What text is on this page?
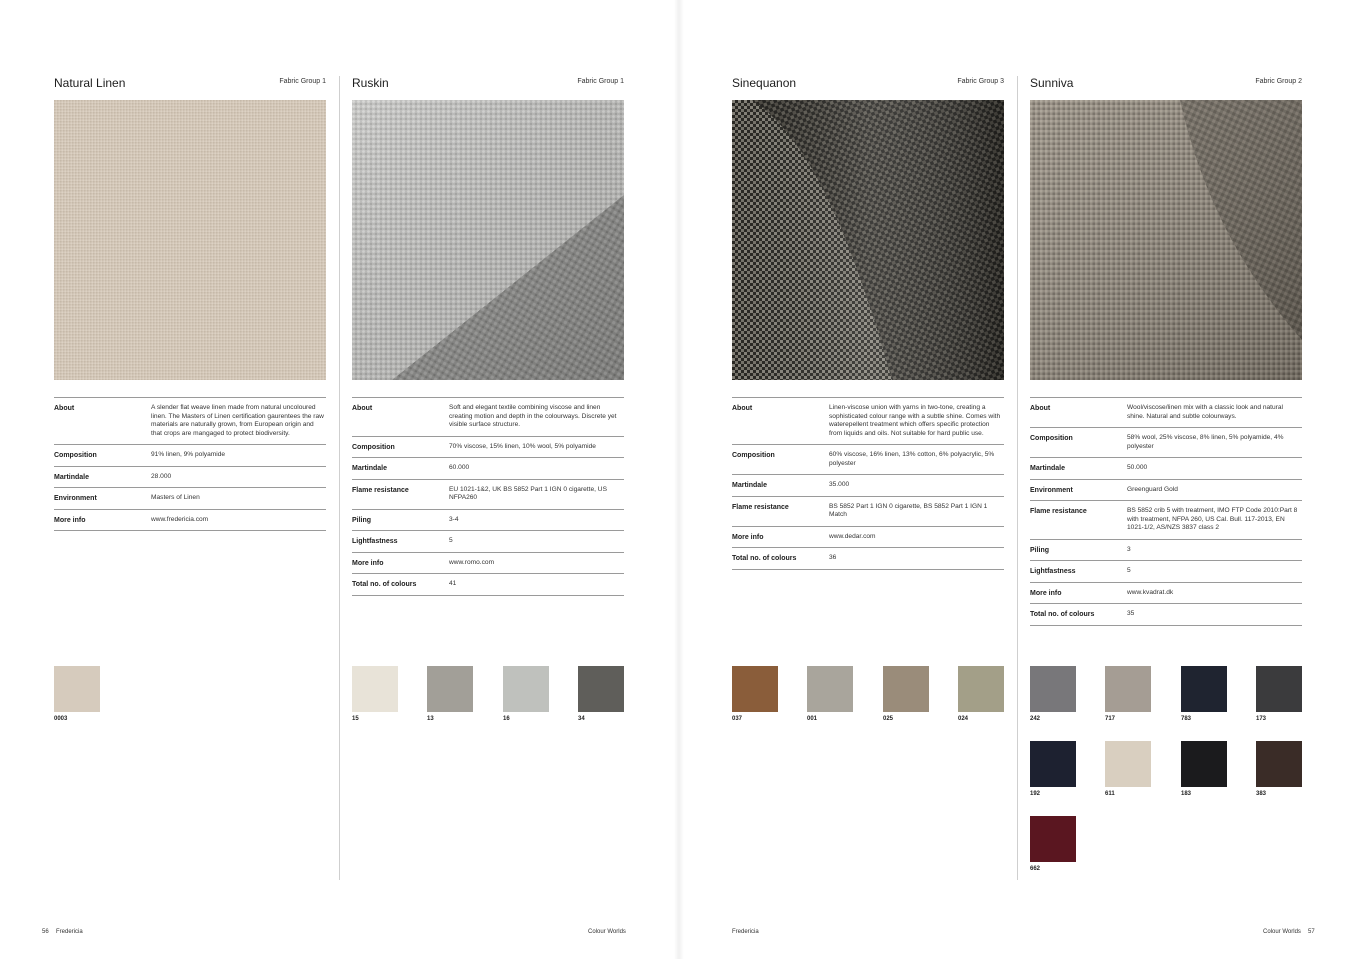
Natural Linen	Fabric Group 1
About	A slender flat weave linen made from natural uncoloured linen. The Masters of Linen certification gaurentees the raw materials are naturally grown, from European origin and that crops are mangaged to protect biodiversity.
Composition	91% linen, 9% polyamide
Martindale	28.000
Environment	Masters of Linen
More info	www.fredericia.com
0003
Ruskin	Fabric Group 1
About	Soft and elegant textile combining viscose and linen creating motion and depth in the colourways. Discrete yet visible surface structure.
Composition	70% viscose, 15% linen, 10% wool, 5% polyamide
Martindale	60.000
Flame resistance	EU 1021-1&2, UK BS 5852 Part 1 IGN 0 cigarette, US NFPA260
Piling	3-4
Lightfastness	5
More info	www.romo.com
Total no. of colours	41
15	13	16	34
Sinequanon	Fabric Group 3
About	Linen-viscose union with yarns in two-tone, creating a sophisticated colour range with a subtle shine. Comes with waterepellent treatment which offers specific protection from liquids and oils. Not suitable for hard public use.
Composition	60% viscose, 16% linen, 13% cotton, 6% polyacrylic, 5% polyester
Martindale	35.000
Flame resistance	BS 5852 Part 1 IGN 0 cigarette, BS 5852 Part 1 IGN 1 Match
More info	www.dedar.com
Total no. of colours	36
037	001	025	024
Sunniva	Fabric Group 2
About	Wool/viscose/linen mix with a classic look and natural shine. Natural and subtle colourways.
Composition	58% wool, 25% viscose, 8% linen, 5% polyamide, 4% polyester
Martindale	50.000
Environment	Greenguard Gold
Flame resistance	BS 5852 crib 5 with treatment, IMO FTP Code 2010:Part 8 with treatment, NFPA 260, US Cal. Bull. 117-2013, EN 1021-1/2, AS/NZS 3837 class 2
Piling	3
Lightfastness	5
More info	www.kvadrat.dk
Total no. of colours	35
242	717	783	173
192	611	183	383
662
56 Fredericia	Colour Worlds	Fredericia	Colour Worlds 57
